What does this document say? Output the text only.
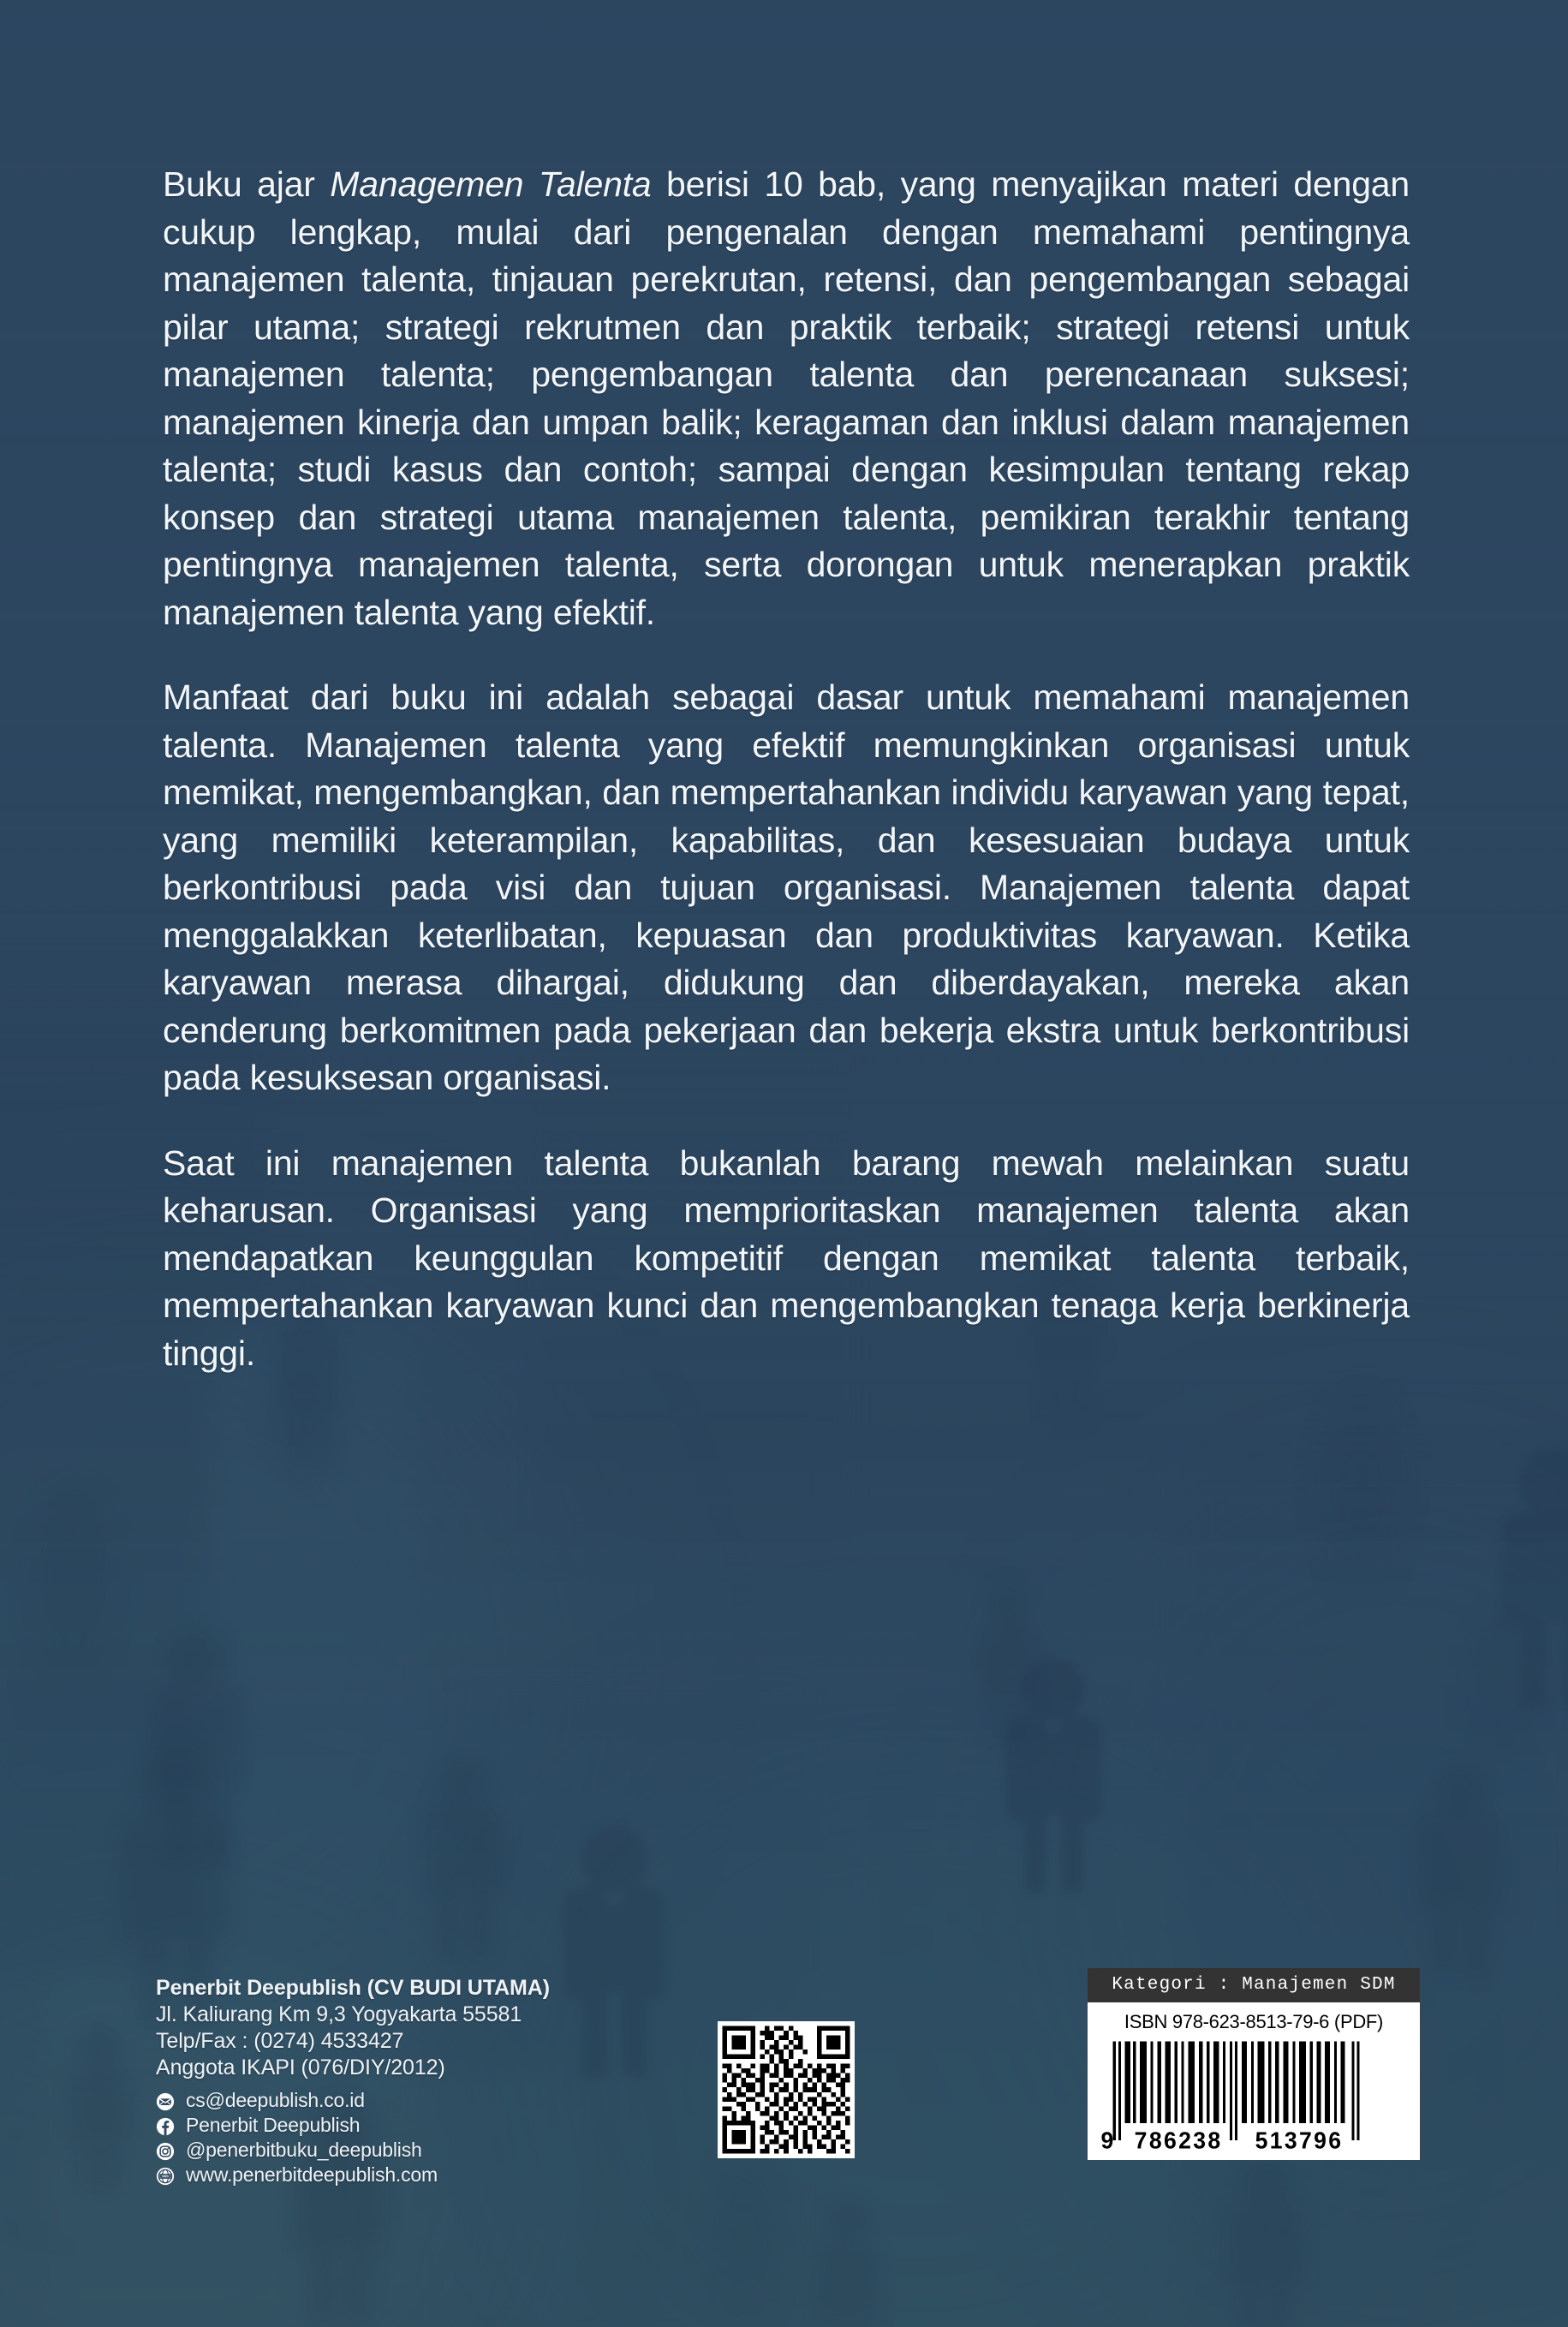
Buku ajar Managemen Talenta berisi 10 bab, yang menyajikan materi dengan cukup lengkap, mulai dari pengenalan dengan memahami pentingnya manajemen talenta, tinjauan perekrutan, retensi, dan pengembangan sebagai pilar utama; strategi rekrutmen dan praktik terbaik; strategi retensi untuk manajemen talenta; pengembangan talenta dan perencanaan suksesi; manajemen kinerja dan umpan balik; keragaman dan inklusi dalam manajemen talenta; studi kasus dan contoh; sampai dengan kesimpulan tentang rekap konsep dan strategi utama manajemen talenta, pemikiran terakhir tentang pentingnya manajemen talenta, serta dorongan untuk menerapkan praktik manajemen talenta yang efektif.

Manfaat dari buku ini adalah sebagai dasar untuk memahami manajemen talenta. Manajemen talenta yang efektif memungkinkan organisasi untuk memikat, mengembangkan, dan mempertahankan individu karyawan yang tepat, yang memiliki keterampilan, kapabilitas, dan kesesuaian budaya untuk berkontribusi pada visi dan tujuan organisasi. Manajemen talenta dapat menggalakkan keterlibatan, kepuasan dan produktivitas karyawan. Ketika karyawan merasa dihargai, didukung dan diberdayakan, mereka akan cenderung berkomitmen pada pekerjaan dan bekerja ekstra untuk berkontribusi pada kesuksesan organisasi.

Saat ini manajemen talenta bukanlah barang mewah melainkan suatu keharusan. Organisasi yang memprioritaskan manajemen talenta akan mendapatkan keunggulan kompetitif dengan memikat talenta terbaik, mempertahankan karyawan kunci dan mengembangkan tenaga kerja berkinerja tinggi.

Penerbit Deepublish (CV BUDI UTAMA)
Jl. Kaliurang Km 9,3 Yogyakarta 55581
Telp/Fax : (0274) 4533427
Anggota IKAPI (076/DIY/2012)
cs@deepublish.co.id
Penerbit Deepublish
@penerbitbuku_deepublish
WWW www.penerbitdeepublish.com
Kategori : Manajemen SDM
ISBN 978-623-8513-79-6 (PDF)
9 786238 513796
